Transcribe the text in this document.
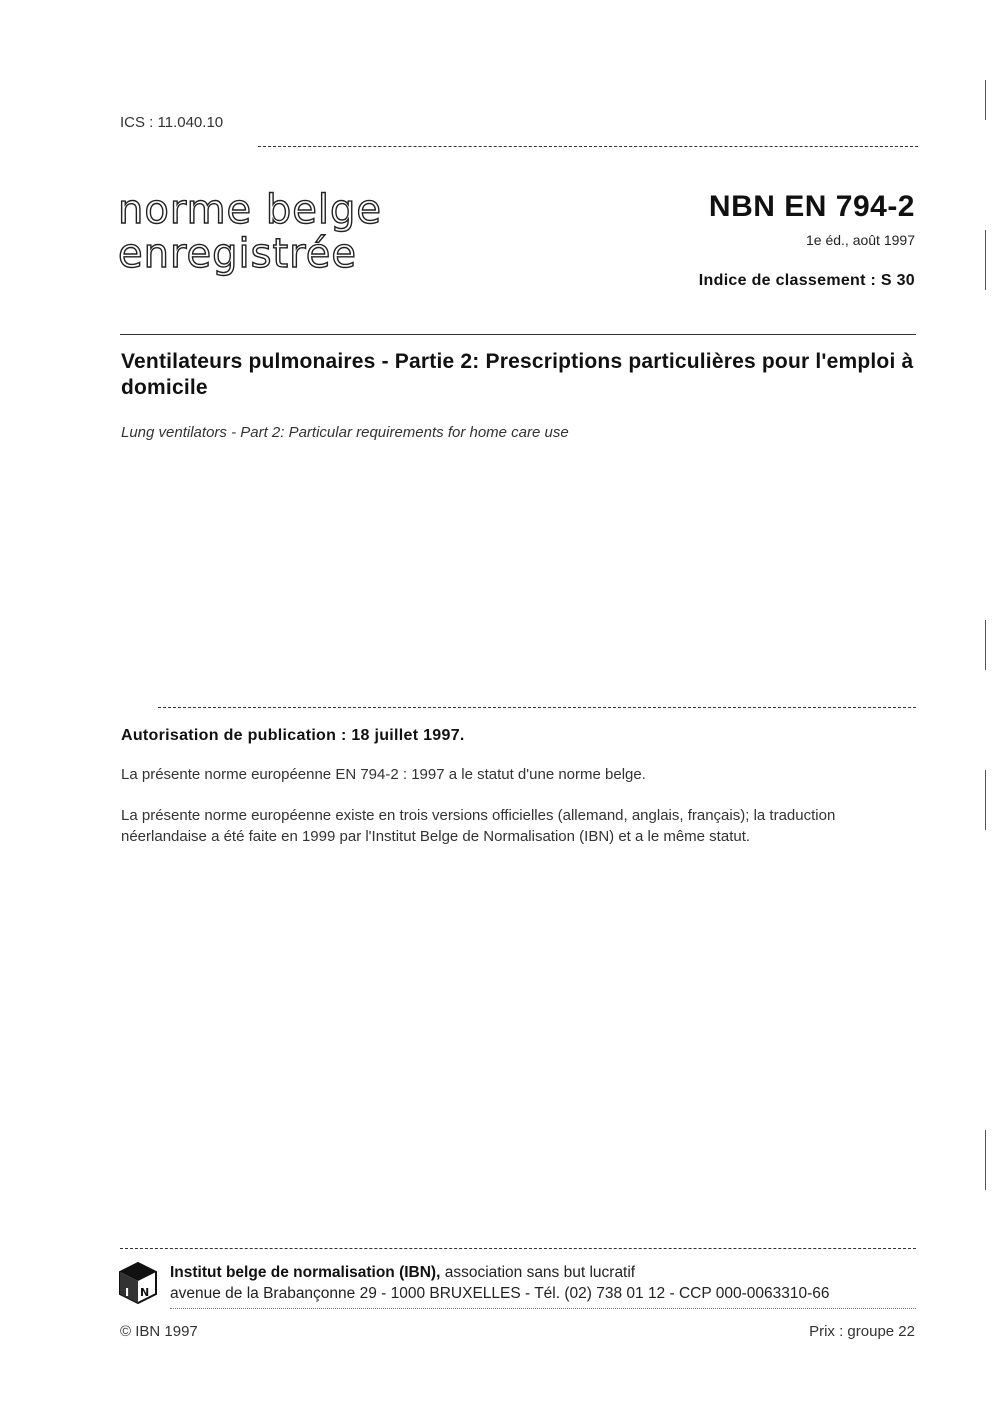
ICS : 11.040.10
norme belge
enregistrée
NBN EN 794-2
1e éd., août 1997
Indice de classement : S 30
Ventilateurs pulmonaires - Partie 2: Prescriptions particulières pour l'emploi à domicile
Lung ventilators - Part 2: Particular requirements for home care use
Autorisation de publication : 18 juillet 1997.
La présente norme européenne EN 794-2 : 1997 a le statut d'une norme belge.
La présente norme européenne existe en trois versions officielles (allemand, anglais, français); la traduction néerlandaise a été faite en 1999 par l'Institut Belge de Normalisation (IBN) et a le même statut.
I N
Institut belge de normalisation (IBN), association sans but lucratif
avenue de la Brabançonne 29 - 1000 BRUXELLES - Tél. (02) 738 01 12 - CCP 000-0063310-66
© IBN 1997	Prix : groupe 22
